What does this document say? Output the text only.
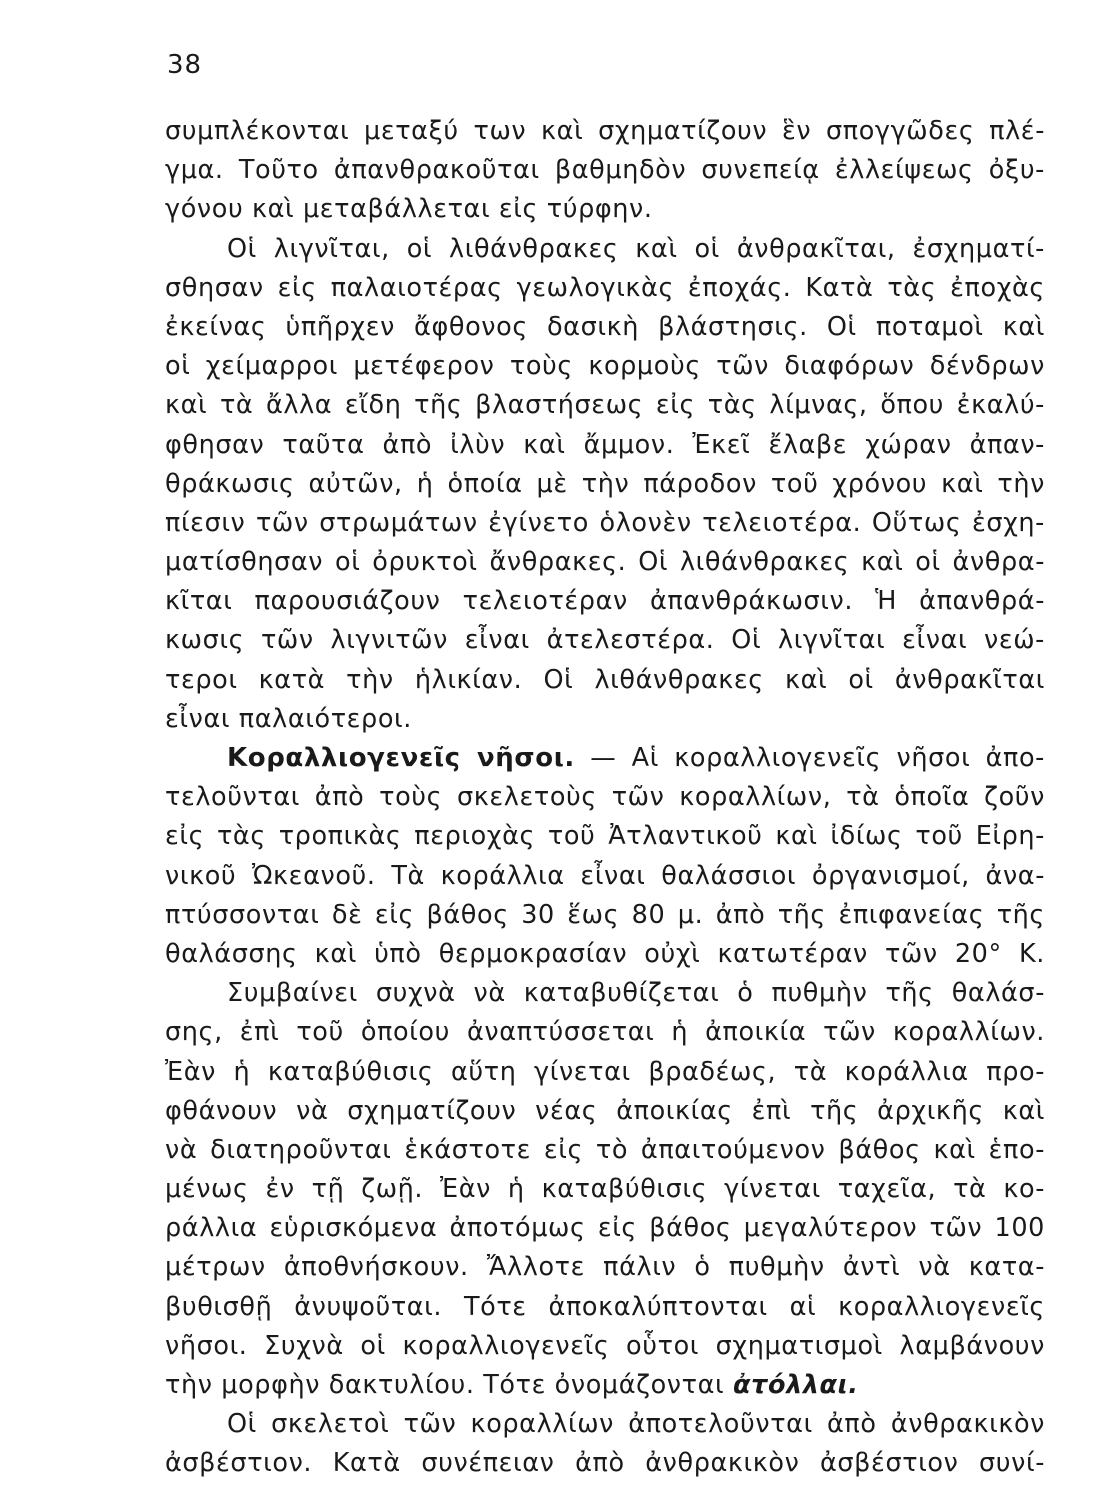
38
συμπλέκονται μεταξύ των καὶ σχηματίζουν ἓν σπογγῶδες πλέ-
γμα. Τοῦτο ἀπανθρακοῦται βαθμηδὸν συνεπείᾳ ἐλλείψεως ὀξυ-
γόνου καὶ μεταβάλλεται εἰς τύρφην.
Οἱ λιγνῖται, οἱ λιθάνθρακες καὶ οἱ ἀνθρακῖται, ἐσχηματί-
σθησαν εἰς παλαιοτέρας γεωλογικὰς ἐποχάς. Κατὰ τὰς ἐποχὰς
ἐκείνας ὑπῆρχεν ἄφθονος δασικὴ βλάστησις. Οἱ ποταμοὶ καὶ
οἱ χείμαρροι μετέφερον τοὺς κορμοὺς τῶν διαφόρων δένδρων
καὶ τὰ ἄλλα εἴδη τῆς βλαστήσεως εἰς τὰς λίμνας, ὅπου ἐκαλύ-
φθησαν ταῦτα ἀπὸ ἰλὺν καὶ ἄμμον. Ἐκεῖ ἔλαβε χώραν ἀπαν-
θράκωσις αὐτῶν, ἡ ὁποία μὲ τὴν πάροδον τοῦ χρόνου καὶ τὴν
πίεσιν τῶν στρωμάτων ἐγίνετο ὁλονὲν τελειοτέρα. Οὕτως ἐσχη-
ματίσθησαν οἱ ὀρυκτοὶ ἄνθρακες. Οἱ λιθάνθρακες καὶ οἱ ἀνθρα-
κῖται παρουσιάζουν τελειοτέραν ἀπανθράκωσιν. Ἡ ἀπανθρά-
κωσις τῶν λιγνιτῶν εἶναι ἀτελεστέρα. Οἱ λιγνῖται εἶναι νεώ-
τεροι κατὰ τὴν ἡλικίαν. Οἱ λιθάνθρακες καὶ οἱ ἀνθρακῖται
εἶναι παλαιότεροι.
Κοραλλιογενεῖς νῆσοι. — Αἱ κοραλλιογενεῖς νῆσοι ἀπο-
τελοῦνται ἀπὸ τοὺς σκελετοὺς τῶν κοραλλίων, τὰ ὁποῖα ζοῦν
εἰς τὰς τροπικὰς περιοχὰς τοῦ Ἀτλαντικοῦ καὶ ἰδίως τοῦ Εἰρη-
νικοῦ Ὠκεανοῦ. Τὰ κοράλλια εἶναι θαλάσσιοι ὀργανισμοί, ἀνα-
πτύσσονται δὲ εἰς βάθος 30 ἕως 80 μ. ἀπὸ τῆς ἐπιφανείας τῆς
θαλάσσης καὶ ὑπὸ θερμοκρασίαν οὐχὶ κατωτέραν τῶν 20° Κ.
Συμβαίνει συχνὰ νὰ καταβυθίζεται ὁ πυθμὴν τῆς θαλάσ-
σης, ἐπὶ τοῦ ὁποίου ἀναπτύσσεται ἡ ἀποικία τῶν κοραλλίων.
Ἐὰν ἡ καταβύθισις αὕτη γίνεται βραδέως, τὰ κοράλλια προ-
φθάνουν νὰ σχηματίζουν νέας ἀποικίας ἐπὶ τῆς ἀρχικῆς καὶ
νὰ διατηροῦνται ἑκάστοτε εἰς τὸ ἀπαιτούμενον βάθος καὶ ἑπο-
μένως ἐν τῇ ζωῇ. Ἐὰν ἡ καταβύθισις γίνεται ταχεῖα, τὰ κο-
ράλλια εὑρισκόμενα ἀποτόμως εἰς βάθος μεγαλύτερον τῶν 100
μέτρων ἀποθνήσκουν. Ἄλλοτε πάλιν ὁ πυθμὴν ἀντὶ νὰ κατα-
βυθισθῇ ἀνυψοῦται. Τότε ἀποκαλύπτονται αἱ κοραλλιογενεῖς
νῆσοι. Συχνὰ οἱ κοραλλιογενεῖς οὗτοι σχηματισμοὶ λαμβάνουν
τὴν μορφὴν δακτυλίου. Τότε ὀνομάζονται ἀτόλλαι.
Οἱ σκελετοὶ τῶν κοραλλίων ἀποτελοῦνται ἀπὸ ἀνθρακικὸν
ἀσβέστιον. Κατὰ συνέπειαν ἀπὸ ἀνθρακικὸν ἀσβέστιον συνί-
